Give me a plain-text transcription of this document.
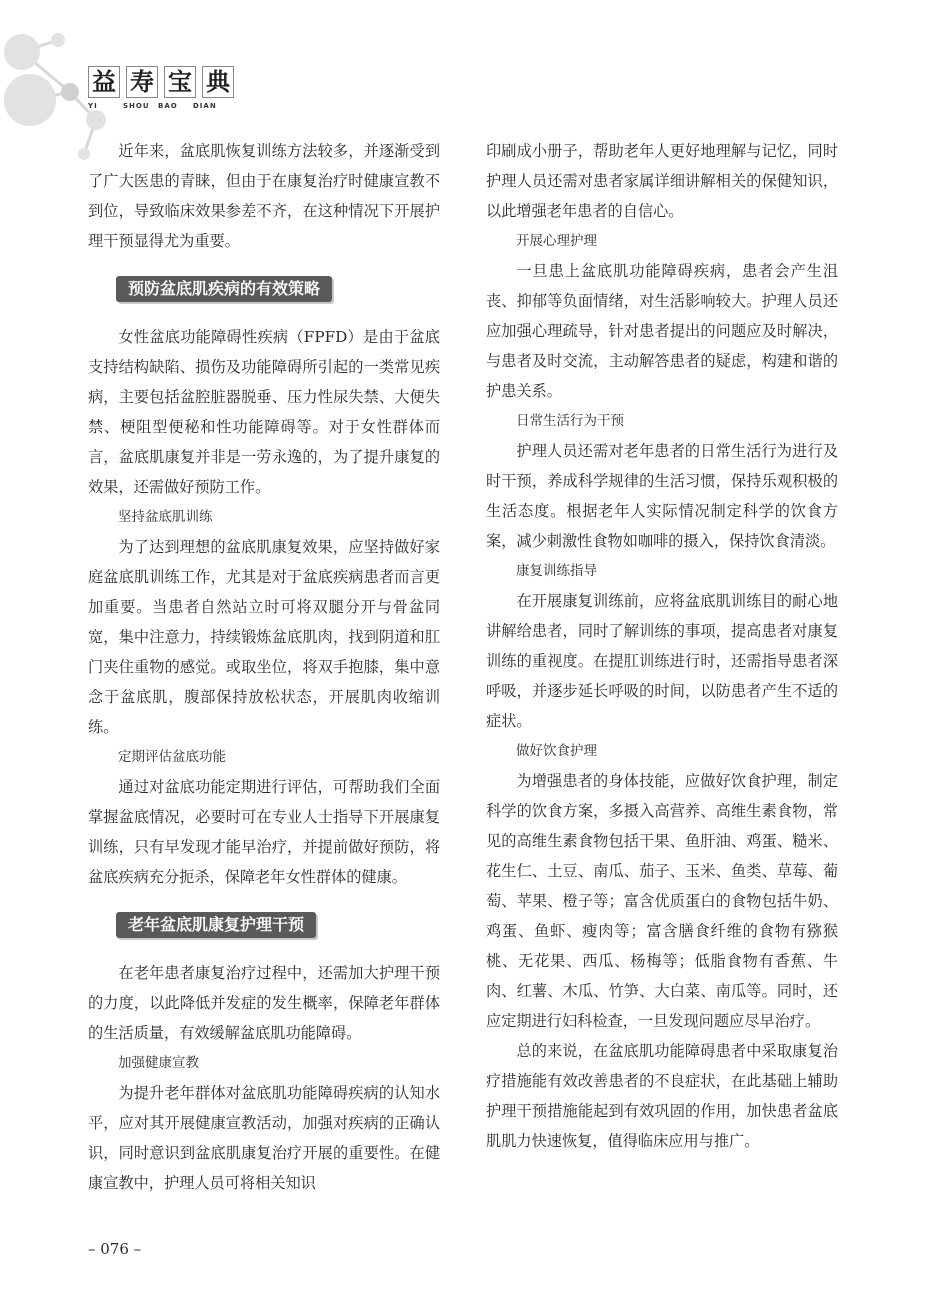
益 寿 宝 典
YI	SHOU	BAO	DIAN

近年来，盆底肌恢复训练方法较多，并逐渐受到了广大医患的青睐，但由于在康复治疗时健康宣教不到位，导致临床效果参差不齐，在这种情况下开展护理干预显得尤为重要。

预防盆底肌疾病的有效策略

女性盆底功能障碍性疾病（FPFD）是由于盆底支持结构缺陷、损伤及功能障碍所引起的一类常见疾病，主要包括盆腔脏器脱垂、压力性尿失禁、大便失禁、梗阻型便秘和性功能障碍等。对于女性群体而言，盆底肌康复并非是一劳永逸的，为了提升康复的效果，还需做好预防工作。

坚持盆底肌训练

为了达到理想的盆底肌康复效果，应坚持做好家庭盆底肌训练工作，尤其是对于盆底疾病患者而言更加重要。当患者自然站立时可将双腿分开与骨盆同宽，集中注意力，持续锻炼盆底肌肉，找到阴道和肛门夹住重物的感觉。或取坐位，将双手抱膝，集中意念于盆底肌，腹部保持放松状态，开展肌肉收缩训练。

定期评估盆底功能

通过对盆底功能定期进行评估，可帮助我们全面掌握盆底情况，必要时可在专业人士指导下开展康复训练，只有早发现才能早治疗，并提前做好预防，将盆底疾病充分扼杀，保障老年女性群体的健康。

老年盆底肌康复护理干预

在老年患者康复治疗过程中，还需加大护理干预的力度，以此降低并发症的发生概率，保障老年群体的生活质量，有效缓解盆底肌功能障碍。

加强健康宣教

为提升老年群体对盆底肌功能障碍疾病的认知水平，应对其开展健康宣教活动，加强对疾病的正确认识，同时意识到盆底肌康复治疗开展的重要性。在健康宣教中，护理人员可将相关知识

印刷成小册子，帮助老年人更好地理解与记忆，同时护理人员还需对患者家属详细讲解相关的保健知识，以此增强老年患者的自信心。

开展心理护理

一旦患上盆底肌功能障碍疾病，患者会产生沮丧、抑郁等负面情绪，对生活影响较大。护理人员还应加强心理疏导，针对患者提出的问题应及时解决，与患者及时交流，主动解答患者的疑虑，构建和谐的护患关系。

日常生活行为干预

护理人员还需对老年患者的日常生活行为进行及时干预，养成科学规律的生活习惯，保持乐观积极的生活态度。根据老年人实际情况制定科学的饮食方案，减少刺激性食物如咖啡的摄入，保持饮食清淡。

康复训练指导

在开展康复训练前，应将盆底肌训练目的耐心地讲解给患者，同时了解训练的事项，提高患者对康复训练的重视度。在提肛训练进行时，还需指导患者深呼吸，并逐步延长呼吸的时间，以防患者产生不适的症状。

做好饮食护理

为增强患者的身体技能，应做好饮食护理，制定科学的饮食方案，多摄入高营养、高维生素食物，常见的高维生素食物包括干果、鱼肝油、鸡蛋、糙米、花生仁、土豆、南瓜、茄子、玉米、鱼类、草莓、葡萄、苹果、橙子等；富含优质蛋白的食物包括牛奶、鸡蛋、鱼虾、瘦肉等；富含膳食纤维的食物有猕猴桃、无花果、西瓜、杨梅等；低脂食物有香蕉、牛肉、红薯、木瓜、竹笋、大白菜、南瓜等。同时，还应定期进行妇科检查，一旦发现问题应尽早治疗。

总的来说，在盆底肌功能障碍患者中采取康复治疗措施能有效改善患者的不良症状，在此基础上辅助护理干预措施能起到有效巩固的作用，加快患者盆底肌肌力快速恢复，值得临床应用与推广。

– 076 –
